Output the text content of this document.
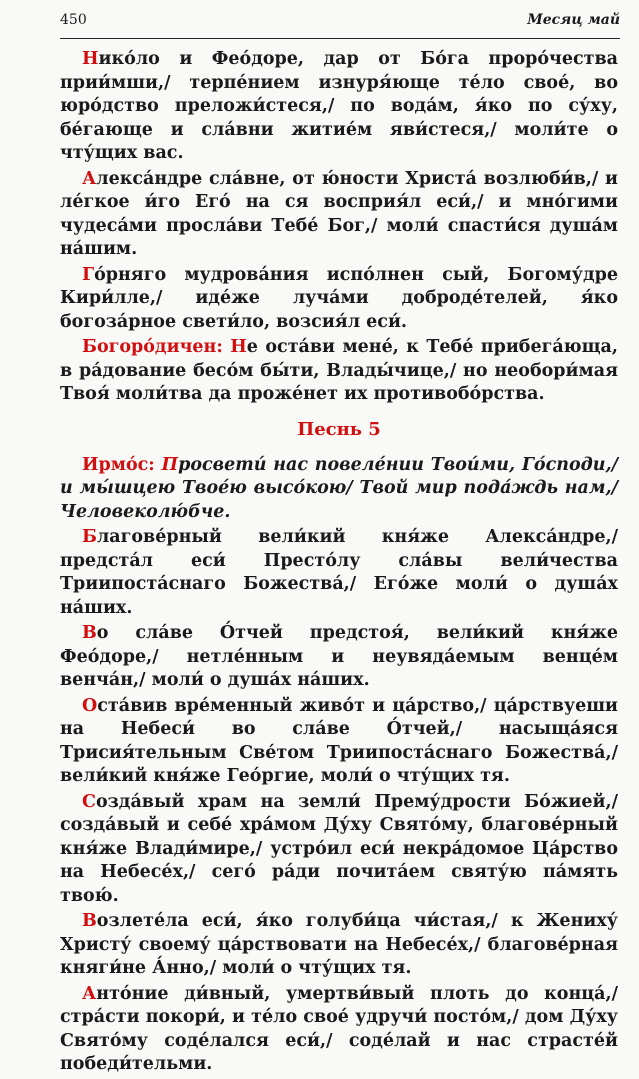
450	Месяц май

Нико́ло и Фео́доре, дар от Бо́га проро́чества прии́мши,/ терпе́нием изнуря́юще те́ло свое́, во юро́дство преложи́стеся,/ по вода́м, я́ко по су́ху, бе́гающе и сла́вни житие́м яви́стеся,/ моли́те о чту́щих вас.

Алекса́ндре сла́вне, от ю́ности Христа́ возлюби́в,/ и ле́гкое и́го Его́ на ся восприя́л еси́,/ и мно́гими чудеса́ми просла́ви Тебе́ Бог,/ моли́ спасти́ся душа́м на́шим.

Го́рняго мудрова́ния испо́лнен сый, Богому́дре Кири́лле,/ иде́же луча́ми доброде́телей, я́ко богоза́рное свети́ло, возсия́л еси́.

Богоро́дичен: Не оста́ви мене́, к Тебе́ прибега́юща, в ра́дование бесо́м бы́ти, Влады́чице,/ но необори́мая Твоя́ моли́тва да проже́нет их противобо́рства.

Песнь 5

Ирмо́с: Просвети́ нас повеле́нии Твои́ми, Го́споди,/ и мы́шцею Твое́ю высо́кою/ Твой мир пода́ждь нам,/ Человеколю́бче.

Благове́рный вели́кий кня́же Алекса́ндре,/ предста́л еси́ Престо́лу сла́вы вели́чества Триипоста́снаго Божества́,/ Его́же моли́ о душа́х на́ших.

Во сла́ве О́тчей предстоя́, вели́кий кня́же Фео́доре,/ нетле́нным и неувяда́емым венце́м венча́н,/ моли́ о душа́х на́ших.

Оста́вив вре́менный живо́т и ца́рство,/ ца́рствуеши на Небеси́ во сла́ве О́тчей,/ насыща́яся Трисия́тельным Све́том Триипоста́снаго Божества́,/ вели́кий кня́же Гео́ргие, моли́ о чту́щих тя.

Созда́вый храм на земли́ Прему́дрости Бо́жией,/ созда́вый и себе́ хра́мом Ду́ху Свято́му, благове́рный кня́же Влади́мире,/ устро́ил еси́ некра́домое Ца́рство на Небесе́х,/ сего́ ра́ди почита́ем святу́ю па́мять твою́.

Возлете́ла еси́, я́ко голуби́ца чи́стая,/ к Жениху́ Христу́ своему́ ца́рствовати на Небесе́х,/ благове́рная княги́не А́нно,/ моли́ о чту́щих тя.

Анто́ние ди́вный, умертви́вый плоть до конца́,/ стра́сти покори́, и те́ло свое́ удручи́ посто́м,/ дом Ду́ху Свято́му соде́лался еси́,/ соде́лай и нас страсте́й победи́тельми.
